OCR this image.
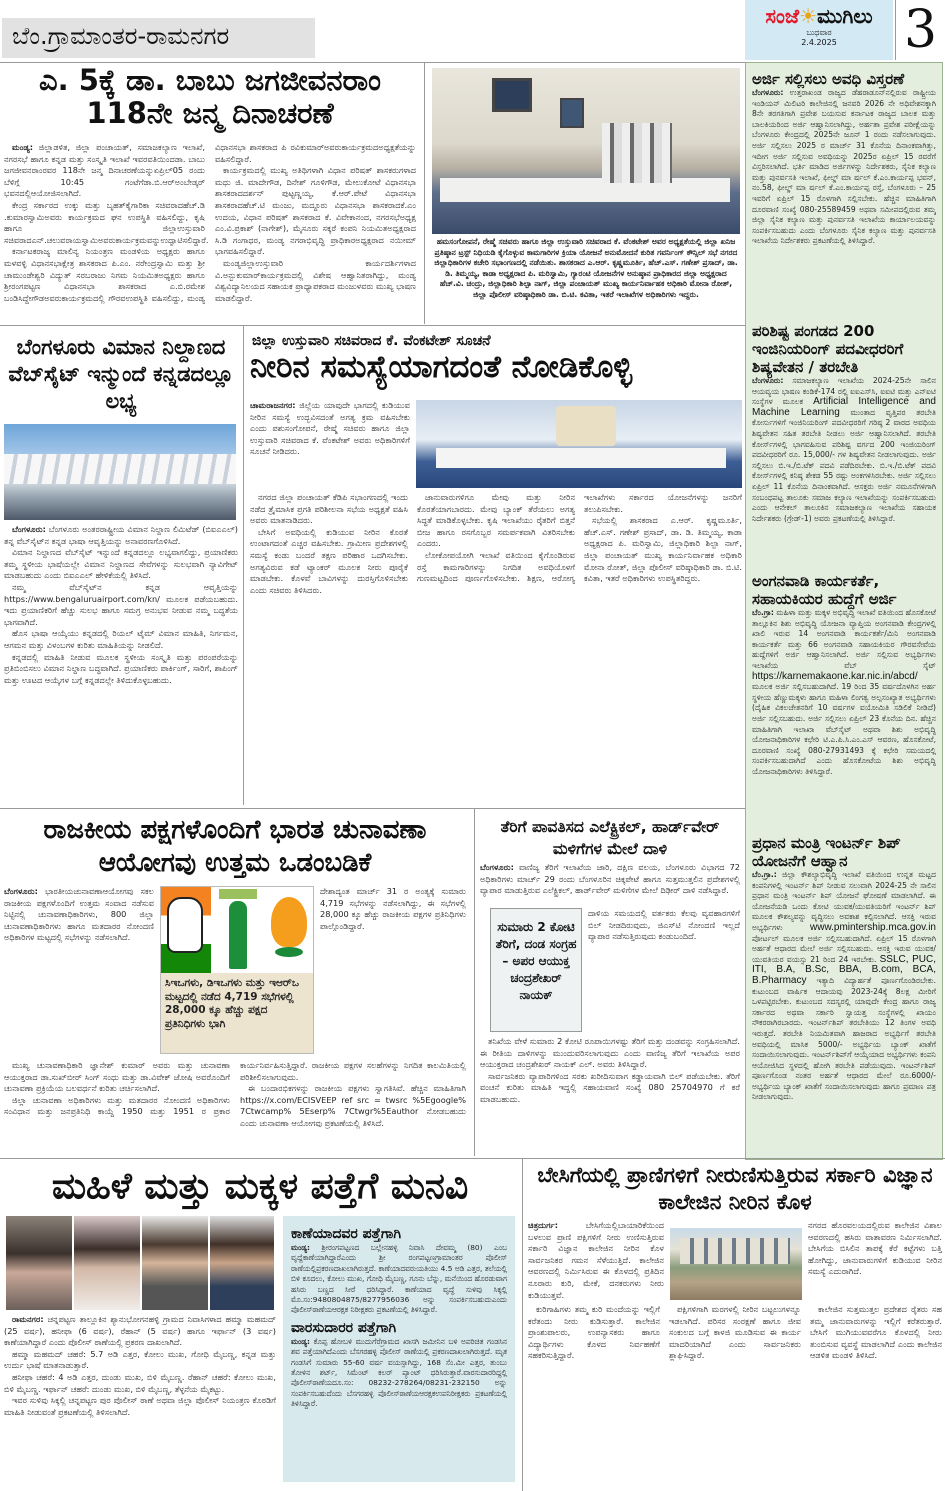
ಬೆಂ.ಗ್ರಾಮಾಂತರ-ರಾಮನಗರ
ಸಂಜೆ☀ಮುಗಿಲು
ಬುಧವಾರ
2.4.2025	3
ಎ. 5ಕ್ಕೆ ಡಾ. ಬಾಬು ಜಗಜೀವನರಾಂ 118ನೇ ಜನ್ಮ ದಿನಾಚರಣೆ

ಮಂಡ್ಯ: ಜಿಲ್ಲಾಡಳಿತ, ಜಿಲ್ಲಾ ಪಂಚಾಯತ್, ಸಮಾಜಕಲ್ಯಾಣ ಇಲಾಖೆ, ನಗರಸಭೆ ಹಾಗೂ ಕನ್ನಡ ಮತ್ತು ಸಂಸ್ಕೃತಿ ಇಲಾಖೆ ಇವರವತಿಯಿಂದಡಾ. ಬಾಬು ಜಗಜೀವನರಾಂರವರ 118ನೇ ಜನ್ಮ ದಿನಾಚರಣೆಯನ್ನುಏಪ್ರಿಲ್05 ರಂದು ಬೆಳಿಗ್ಗೆ 10:45 ಗಂಟೆಗೆಡಾ.ಬಿ.ಆರ್‌ಅಂಬೇಡ್ಕರ್ ಭವನದಲ್ಲಿಆಯೋಜಿಸಲಾಗಿದೆ.

ಕೇಂದ್ರ ಸರ್ಕಾರದ ಉಕ್ಕು ಮತ್ತು ಬೃಹತ್‌ಕೈಗಾರಿಕಾ ಸಚಿವರಾದಹೆಚ್.ಡಿ .ಕುಮಾರಸ್ವಾಮಿಅವರು ಕಾರ್ಯಕ್ರಮದ ಘನ ಉಪಸ್ಥಿತಿ ವಹಿಸಲಿದ್ದು, ಕೃಷಿ ಹಾಗೂ ಜಿಲ್ಲಾಉಸ್ತುವಾರಿ ಸಚಿವರಾದಎನ್.ಚಲುವರಾಯಸ್ವಾಮಿಅವರುಕಾರ್ಯಕ್ರಮವನ್ನುಉದ್ಘಾಟಿಸಲಿದ್ದಾರೆ.

ಕರ್ನಾಟಕರಾಜ್ಯ ಮಾಲಿನ್ಯ ನಿಯಂತ್ರಣ ಮಂಡಳಿಯ ಅಧ್ಯಕ್ಷರು ಹಾಗೂ ಮಳವಳ್ಳಿ ವಿಧಾನಸಭಾಕ್ಷೇತ್ರ ಶಾಸಕರಾದ ಪಿ.ಎಂ. ನರೇಂದ್ರಸ್ವಾಮಿ ಮತ್ತು ಶ್ರೀ ಚಾಮುಂಡೇಶ್ವರಿ ವಿದ್ಯುತ್ ಸರಬರಾಜು ನಿಗಮ ನಿಯಮಿತಅಧ್ಯಕ್ಷರು ಹಾಗೂ ಶ್ರೀರಂಗಪಟ್ಟಣ ವಿಧಾನಸಭಾ ಶಾಸಕರಾದ ಎ.ಬಿ.ರಮೇಶ ಬಂಡಿಸಿದ್ದೇಗೌಡಅವರುಕಾರ್ಯಕ್ರಮದಲ್ಲಿ ಗೌರವಉಪಸ್ಥಿತಿ ವಹಿಸಲಿದ್ದು, ಮಂಡ್ಯ ವಿಧಾನಸಭಾ ಶಾಸಕರಾದ ಪಿ ರವಿಕುಮಾರ್‌ಅವರುಕಾರ್ಯಕ್ರಮದಅಧ್ಯಕ್ಷತೆಯನ್ನು ವಹಿಸಲಿದ್ದಾರೆ.

ಕಾರ್ಯಕ್ರಮದಲ್ಲಿ ಮುಖ್ಯ ಅತಿಥಿಗಳಾಗಿ ವಿಧಾನ ಪರಿಷತ್ ಶಾಸಕರುಗಳಾದ ಮಧು ಜಿ. ಮಾದೇಗೌಡ, ದಿನೇಶ್ ಗೂಳಿಗೌಡ, ಮೇಲುಕೋಟೆ ವಿಧಾನಸಭಾ ಶಾಸಕರಾದದರ್ಶನ್ ಪುಟ್ಟಣ್ಣಯ್ಯ, ಕೆ.ಆರ್.ಪೇಟೆ ವಿಧಾನಸಭಾ ಶಾಸಕರಾದಹೆಚ್.ಟಿ ಮಂಜು, ಮದ್ದೂರು ವಿಧಾನಸಭಾ ಶಾಸಕರಾದಕೆ.ಎಂ ಉದಯ, ವಿಧಾನ ಪರಿಷತ್ ಶಾಸಕರಾದ ಕೆ. ವಿವೇಕಾನಂದ, ನಗರಸಭೆಅಧ್ಯಕ್ಷ ಎಂ.ವಿ.ಪ್ರಕಾಶ್ (ನಾಗೇಶ್), ಮೈಸೂರು ಸಕ್ಕರೆ ಕಂಪನಿ ನಿಯಮಿತಅಧ್ಯಕ್ಷರಾದ ಸಿ.ಡಿ ಗಂಗಾಧರ, ಮಂಡ್ಯ ನಗರಾಭಿವೃದ್ಧಿ ಪ್ರಾಧಿಕಾರಅಧ್ಯಕ್ಷರಾದ ನಯೀಮ್ ಭಾಗವಹಿಸಲಿದ್ದಾರೆ.

ಮಂಡ್ಯಜಿಲ್ಲಾಉಸ್ತುವಾರಿ ಕಾರ್ಯದರ್ಶಿಗಳಾದ ವಿ.ಅನ್ಬುಕುಮಾರ್‌ಕಾರ್ಯಕ್ರಮದಲ್ಲಿ ವಿಶೇಷ ಆಹ್ವಾನಿತರಾಗಿದ್ದು, ಮಂಡ್ಯ ವಿಶ್ವವಿದ್ಯಾನಿಲಯದ ಸಹಾಯಕ ಪ್ರಾಧ್ಯಾಪಕರಾದ ಮಂಜುಳವರು ಮುಖ್ಯ ಭಾಷಣ ಮಾಡಲಿದ್ದಾರೆ.

ಹಮಸಂಗೋಪನೆ, ರೇಷ್ಮೆ ಸಚಿವರು ಹಾಗೂ ಜಿಲ್ಲಾ ಉಸ್ತುವಾರಿ ಸಚಿವರಾದ ಕೆ. ವೆಂಕಟೇಶ್ ಅವರ ಅಧ್ಯಕ್ಷತೆಯಲ್ಲಿ ಜಿಲ್ಲಾ ಖನಿಜ ಪ್ರತಿಷ್ಠಾನ ಟ್ರಸ್ಟ್ ನಿಧಿಯಡಿ ಕೈಗೊಳ್ಳುವ ಕಾಮಗಾರಿಗಳ ಕ್ರಿಯಾ ಯೋಜನೆ ಅನುಮೋದನೆ ಕುರಿತ ಗವರ್ನಿಂಗ್ ಕೌನ್ಸಿಲ್ ಸಭೆ ನಗರದ ಜಿಲ್ಲಾಧಿಕಾರಿಗಳ ಕಚೇರಿ ಸಭಾಂಗಣದಲ್ಲಿ ನಡೆಯಿತು. ಶಾಸಕರಾದ ಎ.ಆರ್. ಕೃಷ್ಣಮೂರ್ತಿ, ಹೆಚ್.ಎಸ್. ಗಣೇಶ್ ಪ್ರಸಾದ್, ಡಾ. ಡಿ. ತಿಮ್ಮಯ್ಯ, ಕಾಡಾ ಅಧ್ಯಕ್ಷರಾದ ಪಿ. ಮರಿಸ್ವಾಮಿ, ಗ್ಯಾರಂಟಿ ಯೋಜನೆಗಳ ಅನುಷ್ಠಾನ ಪ್ರಾಧಿಕಾರದ ಜಿಲ್ಲಾ ಅಧ್ಯಕ್ಷರಾದ ಹೆಚ್.ವಿ. ಚಂದ್ರು, ಜಿಲ್ಲಾಧಿಕಾರಿ ಶಿಲ್ಪಾ ನಾಗ್, ಜಿಲ್ಲಾ ಪಂಚಾಯತ್ ಮುಖ್ಯ ಕಾರ್ಯನಿರ್ವಾಹಕ ಅಧಿಕಾರಿ ಮೋನಾ ರೋತ್, ಜಿಲ್ಲಾ ಪೊಲೀಸ್ ವರಿಷ್ಠಾಧಿಕಾರಿ ಡಾ. ಬಿ.ಟಿ. ಕವಿತಾ, ಇತರೆ ಇಲಾಖೆಗಳ ಅಧಿಕಾರಿಗಳು ಇದ್ದರು.
ಬೆಂಗಳೂರು ವಿಮಾನ ನಿಲ್ದಾಣದ ವೆಬ್‌ಸೈಟ್ ಇನ್ಮುಂದೆ ಕನ್ನಡದಲ್ಲೂ ಲಭ್ಯ

ಬೆಂಗಳೂರು: ಬೆಂಗಳೂರು ಅಂತರರಾಷ್ಟ್ರೀಯ ವಿಮಾನ ನಿಲ್ದಾಣ ಲಿಮಿಟೆಡ್ (ಬಿಐಎಎಲ್) ತನ್ನ ವೆಬ್‌ಸೈಟ್‌ನ ಕನ್ನಡ ಭಾಷಾ ಆವೃತ್ತಿಯನ್ನು ಅನಾವರಣಗೊಳಿಸಿದೆ.

ವಿಮಾನ ನಿಲ್ದಾಣದ ವೆಬ್‌ಸೈಟ್ ಇನ್ನುಂದೆ ಕನ್ನಡದಲ್ಲೂ ಲಭ್ಯವಾಗಲಿದ್ದು, ಪ್ರಯಾಣಿಕರು ತಮ್ಮ ಸ್ಥಳೀಯ ಭಾಷೆಯಲ್ಲೇ ವಿಮಾನ ನಿಲ್ದಾಣದ ಸೇವೆಗಳನ್ನು ಸುಲಭವಾಗಿ ನ್ಯಾವಿಗೇಟ್ ಮಾಡಬಹುದು ಎಂದು ಬಿಐಎಎಲ್ ಹೇಳಿಕೆಯಲ್ಲಿ ತಿಳಿಸಿದೆ.

ನಮ್ಮ ವೆಬ್‌ಸೈಟ್‌ನ ಕನ್ನಡ ಆವೃತ್ತಿಯನ್ನು https://www.bengaluruairport.com/kn/ ಮೂಲಕ ಪಡೆಯಬಹುದು. ಇದು ಪ್ರಯಾಣಿಕರಿಗೆ ಹೆಚ್ಚು ಸುಲಭ ಹಾಗೂ ಸಮಗ್ರ ಅನುಭವ ನೀಡುವ ನಮ್ಮ ಬದ್ಧತೆಯ ಭಾಗವಾಗಿದೆ.

ಹೊಸ ಭಾಷಾ ಆಯ್ಕೆಯು ಕನ್ನಡದಲ್ಲಿ ರಿಯಲ್ ಟೈಮ್ ವಿಮಾನ ಮಾಹಿತಿ, ನಿರ್ಗಮನ, ಆಗಮನ ಮತ್ತು ವಿಳಂಬಗಳ ಕುರಿತು ಮಾಹಿತಿಯನ್ನು ನೀಡಲಿದೆ.

ಕನ್ನಡದಲ್ಲಿ ಮಾಹಿತಿ ನೀಡುವ ಮೂಲಕ ಸ್ಥಳೀಯ ಸಂಸ್ಕೃತಿ ಮತ್ತು ಪರಂಪರೆಯನ್ನು ಪ್ರತಿಬಿಂಬಿಸಲು ವಿಮಾನ ನಿಲ್ದಾಣ ಬದ್ಧವಾಗಿದೆ. ಪ್ರಯಾಣಿಕರು ಪಾರ್ಕಿಂಗ್, ಸಾರಿಗೆ, ಶಾಪಿಂಗ್ ಮತ್ತು ಊಟದ ಆಯ್ಕೆಗಳ ಬಗ್ಗೆ ಕನ್ನಡದಲ್ಲೇ ತಿಳಿದುಕೊಳ್ಳಬಹುದು.

ಜಿಲ್ಲಾ ಉಸ್ತುವಾರಿ ಸಚಿವರಾದ ಕೆ. ವೆಂಕಟೇಶ್ ಸೂಚನೆ
ನೀರಿನ ಸಮಸ್ಯೆಯಾಗದಂತೆ ನೋಡಿಕೊಳ್ಳಿ
ಚಾಮರಾಜನಗರ: ಜಿಲ್ಲೆಯ ಯಾವುದೇ ಭಾಗದಲ್ಲಿ ಕುಡಿಯುವ ನೀರಿನ ಸಮಸ್ಯೆ ಉದ್ಭವಿಸದಂತೆ ಅಗತ್ಯ ಕ್ರಮ ವಹಿಸಬೇಕು ಎಂದು ಪಶುಸಂಗೋಪನೆ, ರೇಷ್ಮೆ ಸಚಿವರು ಹಾಗೂ ಜಿಲ್ಲಾ ಉಸ್ತುವಾರಿ ಸಚಿವರಾದ ಕೆ. ವೆಂಕಟೇಶ್ ಅವರು ಅಧಿಕಾರಿಗಳಿಗೆ ಸೂಚನೆ ನೀಡಿದರು.

ನಗರದ ಜಿಲ್ಲಾ ಪಂಚಾಯತ್ ಕೆಡಿಪಿ ಸಭಾಂಗಣದಲ್ಲಿ ಇಂದು ನಡೆದ ತ್ರೈಮಾಸಿಕ ಪ್ರಗತಿ ಪರಿಶೀಲನಾ ಸಭೆಯ ಅಧ್ಯಕ್ಷತೆ ವಹಿಸಿ ಅವರು ಮಾತನಾಡಿದರು.

ಬೇಸಿಗೆ ಅವಧಿಯಲ್ಲಿ ಕುಡಿಯುವ ನೀರಿನ ಕೊರತೆ ಉಂಟಾಗದಂತೆ ಎಚ್ಚರ ವಹಿಸಬೇಕು. ಗ್ರಾಮೀಣ ಪ್ರದೇಶಗಳಲ್ಲಿ ಸಮಸ್ಯೆ ಕಂಡು ಬಂದರೆ ತಕ್ಷಣ ಪರಿಹಾರ ಒದಗಿಸಬೇಕು. ಅಗತ್ಯವಿರುವ ಕಡೆ ಟ್ಯಾಂಕರ್ ಮೂಲಕ ನೀರು ಪೂರೈಕೆ ಮಾಡಬೇಕು. ಕೊಳವೆ ಬಾವಿಗಳನ್ನು ದುರಸ್ತಿಗೊಳಿಸಬೇಕು ಎಂದು ಸಚಿವರು ತಿಳಿಸಿದರು.

ಜಾನುವಾರುಗಳಿಗೂ ಮೇವು ಮತ್ತು ನೀರಿನ ಕೊರತೆಯಾಗಬಾರದು. ಮೇವು ಬ್ಯಾಂಕ್ ತೆರೆಯಲು ಅಗತ್ಯ ಸಿದ್ಧತೆ ಮಾಡಿಕೊಳ್ಳಬೇಕು. ಕೃಷಿ ಇಲಾಖೆಯು ರೈತರಿಗೆ ಬಿತ್ತನೆ ಬೀಜ ಹಾಗೂ ರಸಗೊಬ್ಬರ ಸಮರ್ಪಕವಾಗಿ ವಿತರಿಸಬೇಕು ಎಂದರು.

ಲೋಕೋಪಯೋಗಿ ಇಲಾಖೆ ವತಿಯಿಂದ ಕೈಗೊಂಡಿರುವ ರಸ್ತೆ ಕಾಮಗಾರಿಗಳನ್ನು ನಿಗದಿತ ಅವಧಿಯೊಳಗೆ ಗುಣಮಟ್ಟದಿಂದ ಪೂರ್ಣಗೊಳಿಸಬೇಕು. ಶಿಕ್ಷಣ, ಆರೋಗ್ಯ ಇಲಾಖೆಗಳು ಸರ್ಕಾರದ ಯೋಜನೆಗಳನ್ನು ಜನರಿಗೆ ತಲುಪಿಸಬೇಕು.

ಸಭೆಯಲ್ಲಿ ಶಾಸಕರಾದ ಎ.ಆರ್. ಕೃಷ್ಣಮೂರ್ತಿ, ಹೆಚ್.ಎಸ್. ಗಣೇಶ್ ಪ್ರಸಾದ್, ಡಾ. ಡಿ. ತಿಮ್ಮಯ್ಯ, ಕಾಡಾ ಅಧ್ಯಕ್ಷರಾದ ಪಿ. ಮರಿಸ್ವಾಮಿ, ಜಿಲ್ಲಾಧಿಕಾರಿ ಶಿಲ್ಪಾ ನಾಗ್, ಜಿಲ್ಲಾ ಪಂಚಾಯತ್ ಮುಖ್ಯ ಕಾರ್ಯನಿರ್ವಾಹಕ ಅಧಿಕಾರಿ ಮೋನಾ ರೋತ್, ಜಿಲ್ಲಾ ಪೊಲೀಸ್ ವರಿಷ್ಠಾಧಿಕಾರಿ ಡಾ. ಬಿ.ಟಿ. ಕವಿತಾ, ಇತರೆ ಅಧಿಕಾರಿಗಳು ಉಪಸ್ಥಿತರಿದ್ದರು.

ರಾಜಕೀಯ ಪಕ್ಷಗಳೊಂದಿಗೆ ಭಾರತ ಚುನಾವಣಾ ಆಯೋಗವು ಉತ್ತಮ ಒಡಂಬಡಿಕೆ
ಸಿಇಒಗಳು, ಡಿಇಒಗಳು ಮತ್ತು ಇಆರ್‌ಒ ಮಟ್ಟದಲ್ಲಿ ನಡೆದ 4,719 ಸಭೆಗಳಲ್ಲಿ 28,000 ಕ್ಕೂ ಹೆಚ್ಚು ಪಕ್ಷದ ಪ್ರತಿನಿಧಿಗಳು ಭಾಗಿ
ಬೆಂಗಳೂರು: ಭಾರತೀಯಚುನಾವಣಾಆಯೋಗವು ಸಕಲ ರಾಜಕೀಯ ಪಕ್ಷಗಳೊಂದಿಗೆ ಉತ್ತಮ ಸಂವಾದ ನಡೆಸುವ ನಿಟ್ಟಿನಲ್ಲಿ ಚುನಾವಣಾಧಿಕಾರಿಗಳು, 800 ಜಿಲ್ಲಾ ಚುನಾವಣಾಧಿಕಾರಿಗಳು ಹಾಗೂ ಮತದಾರರ ನೋಂದಣಿ ಅಧಿಕಾರಿಗಳ ಮಟ್ಟದಲ್ಲಿ ಸಭೆಗಳನ್ನು ನಡೆಸಲಾಗಿದೆ.
ದೇಶಾದ್ಯಂತ ಮಾರ್ಚ್ 31 ರ ಅಂತ್ಯಕ್ಕೆ ಸುಮಾರು 4,719 ಸಭೆಗಳನ್ನು ನಡೆಸಲಾಗಿದ್ದು, ಈ ಸಭೆಗಳಲ್ಲಿ 28,000 ಕ್ಕೂ ಹೆಚ್ಚು ರಾಜಕೀಯ ಪಕ್ಷಗಳ ಪ್ರತಿನಿಧಿಗಳು ಪಾಲ್ಗೊಂಡಿದ್ದಾರೆ.

ಮುಖ್ಯ ಚುನಾವಣಾಧಿಕಾರಿ ಜ್ಞಾನೇಶ್ ಕುಮಾರ್ ಅವರು ಮತ್ತು ಚುನಾವಣಾ ಆಯುಕ್ತರಾದ ಡಾ.ಸುಖ್‌ಬೀರ್ ಸಿಂಗ್ ಸಂಧು ಮತ್ತು ಡಾ.ವಿವೇಕ್ ಜೋಷಿ ಅವರೊಂದಿಗೆ ಚುನಾವಣಾ ಪ್ರಕ್ರಿಯೆಯ ಬಲವರ್ಧನೆ ಕುರಿತು ಚರ್ಚಿಸಲಾಗಿದೆ.

ಜಿಲ್ಲಾ ಚುನಾವಣಾ ಅಧಿಕಾರಿಗಳು ಮತ್ತು ಮತದಾರರ ನೋಂದಣಿ ಅಧಿಕಾರಿಗಳು ಸಂವಿಧಾನ ಮತ್ತು ಜನಪ್ರತಿನಿಧಿ ಕಾಯ್ದೆ 1950 ಮತ್ತು 1951 ರ ಪ್ರಕಾರ ಕಾರ್ಯನಿರ್ವಹಿಸುತ್ತಿದ್ದಾರೆ. ರಾಜಕೀಯ ಪಕ್ಷಗಳ ಸಲಹೆಗಳನ್ನು ನಿಗದಿತ ಕಾಲಮಿತಿಯಲ್ಲಿ ಪರಿಶೀಲಿಸಲಾಗುವುದು.

ಈ ಬಂದಾರಭಿಕಗಳನ್ನು ರಾಜಕೀಯ ಪಕ್ಷಗಳು ಸ್ವಾಗತಿಸಿವೆ. ಹೆಚ್ಚಿನ ಮಾಹಿತಿಗಾಗಿ https://x.com/ECISVEEP ref src = twsrc %5Egoogle% 7Ctwcamp% 5Eserp% 7Ctwgr%5Eauthor ನೋಡಬಹುದು ಎಂದು ಚುನಾವಣಾ ಆಯೋಗವು ಪ್ರಕಟಣೆಯಲ್ಲಿ ತಿಳಿಸಿದೆ.

ತೆರಿಗೆ ಪಾವತಿಸದ ಎಲೆಕ್ಟ್ರಿಕಲ್, ಹಾರ್ಡ್‌ವೇರ್ ಮಳಿಗೆಗಳ ಮೇಲೆ ದಾಳಿ
ಬೆಂಗಳೂರು: ವಾಣಿಜ್ಯ ತೆರಿಗೆ ಇಲಾಖೆಯ ಜಾರಿ, ದಕ್ಷಿಣ ವಲಯ, ಬೆಂಗಳೂರು ವಿಭಾಗದ 72 ಅಧಿಕಾರಿಗಳು ಮಾರ್ಚ್ 29 ರಂದು ಬೆಂಗಳೂರಿನ ಚಿಕ್ಕಪೇಟೆ ಹಾಗೂ ಸುತ್ತಮುತ್ತಲಿನ ಪ್ರದೇಶಗಳಲ್ಲಿ ವ್ಯಾಪಾರ ಮಾಡುತ್ತಿರುವ ಎಲೆಕ್ಟ್ರಿಕಲ್, ಹಾರ್ಡ್‌ವೇರ್ ಮಳಿಗೆಗಳ ಮೇಲೆ ದಿಢೀರ್ ದಾಳಿ ನಡೆಸಿದ್ದಾರೆ.
ಸುಮಾರು 2 ಕೋಟಿ ತೆರಿಗೆ, ದಂಡ ಸಂಗ್ರಹ – ಅಪರ ಆಯುಕ್ತ ಚಂದ್ರಶೇಖರ್ ನಾಯಕ್
ದಾಳಿಯ ಸಮಯದಲ್ಲಿ ವರ್ತಕರು ಕೆಲವು ವ್ಯವಹಾರಗಳಿಗೆ ಬಿಲ್ ನೀಡದಿರುವುದು, ಜಿಎಸ್‌ಟಿ ನೋಂದಣಿ ಇಲ್ಲದೆ ವ್ಯಾಪಾರ ನಡೆಸುತ್ತಿರುವುದು ಕಂಡುಬಂದಿದೆ.

ತನಿಖೆಯ ವೇಳೆ ಸುಮಾರು 2 ಕೋಟಿ ರೂಪಾಯಿಗಳಷ್ಟು ತೆರಿಗೆ ಮತ್ತು ದಂಡವನ್ನು ಸಂಗ್ರಹಿಸಲಾಗಿದೆ. ಈ ರೀತಿಯ ದಾಳಿಗಳನ್ನು ಮುಂದುವರಿಸಲಾಗುವುದು ಎಂದು ವಾಣಿಜ್ಯ ತೆರಿಗೆ ಇಲಾಖೆಯ ಅಪರ ಆಯುಕ್ತರಾದ ಚಂದ್ರಶೇಖರ್ ನಾಯಕ್ ಎಲ್. ಅವರು ತಿಳಿಸಿದ್ದಾರೆ.

ಸಾರ್ವಜನಿಕರು ವ್ಯಾಪಾರಿಗಳಿಂದ ಸರಕು ಖರೀದಿಸುವಾಗ ಕಡ್ಡಾಯವಾಗಿ ಬಿಲ್ ಪಡೆಯಬೇಕು. ತೆರಿಗೆ ವಂಚನೆ ಕುರಿತು ಮಾಹಿತಿ ಇದ್ದಲ್ಲಿ ಸಹಾಯವಾಣಿ ಸಂಖ್ಯೆ 080 25704970 ಗೆ ಕರೆ ಮಾಡಬಹುದು.

ಅರ್ಜಿ ಸಲ್ಲಿಸಲು ಅವಧಿ ವಿಸ್ತರಣೆ
ಬೆಂಗಳೂರು: ಉತ್ತರಾಖಂಡ ರಾಜ್ಯದ ಡೆಹರಾಡೂನ್‌ನಲ್ಲಿರುವ ರಾಷ್ಟ್ರೀಯ ಇಂಡಿಯನ್ ಮಿಲಿಟರಿ ಕಾಲೇಜಿನಲ್ಲಿ ಜನವರಿ 2026 ನೇ ಅಧಿವೇಶನಕ್ಕಾಗಿ 8ನೇ ತರಗತಿಗಾಗಿ ಪ್ರವೇಶ ಬಯಸುವ ಕರ್ನಾಟಕ ರಾಜ್ಯದ ಬಾಲಕ ಮತ್ತು ಬಾಲಕಿಯರಿಂದ ಅರ್ಜಿ ಆಹ್ವಾನಿಸಲಾಗಿದ್ದು, ಅರ್ಹತಾ ಪ್ರವೇಶ ಪರೀಕ್ಷೆಯನ್ನು ಬೆಂಗಳೂರು ಕೇಂದ್ರದಲ್ಲಿ 2025ನೇ ಜೂನ್ 1 ರಂದು ನಡೆಸಲಾಗುವುದು. ಅರ್ಜಿ ಸಲ್ಲಿಸಲು 2025 ರ ಮಾರ್ಚ್ 31 ಕೊನೆಯ ದಿನಾಂಕವಾಗಿತ್ತು, ಇದೀಗ ಅರ್ಜಿ ಸಲ್ಲಿಸುವ ಅವಧಿಯನ್ನು 2025ರ ಏಪ್ರಿಲ್ 15 ರವರೆಗೆ ವಿಸ್ತರಿಸಲಾಗಿದೆ. ಭರ್ತಿ ಮಾಡಿದ ಅರ್ಜಿಗಳನ್ನು ನಿರ್ದೇಶಕರು, ಸೈನಿಕ ಕಲ್ಯಾಣ ಮತ್ತು ಪುನರ್ವಸತಿ ಇಲಾಖೆ, ಫೀಲ್ಡ್ ಮಾ ರ್ಷಲ್ ಕೆ.ಎಂ.ಕಾರ್ಯಪ್ಪ ಭವನ್, ನಂ.58, ಫೀಲ್ಡ್ ಮಾ ರ್ಷಲ್ ಕೆ.ಎಂ.ಕಾರ್ಯಪ್ಪ ರಸ್ತೆ, ಬೆಂಗಳೂರು – 25 ಇವರಿಗೆ ಏಪ್ರಿಲ್ 15 ರೊಳಗಾಗಿ ಸಲ್ಲಿಸಬೇಕು. ಹೆಚ್ಚಿನ ಮಾಹಿತಿಗಾಗಿ ದೂರವಾಣಿ ಸಂಖ್ಯೆ 080-25589459 ಅಥವಾ ಸಮೀಪದಲ್ಲಿರುವ ತಮ್ಮ ಜಿಲ್ಲಾ ಸೈನಿಕ ಕಲ್ಯಾಣ ಮತ್ತು ಪುನರ್ವಸತಿ ಇಲಾಖೆಯ ಕಾರ್ಯಾಲಯವನ್ನು ಸಂಪರ್ಕಿಸಬಹುದು ಎಂದು ಬೆಂಗಳೂರು ಸೈನಿಕ ಕಲ್ಯಾಣ ಮತ್ತು ಪುನರ್ವಸತಿ ಇಲಾಖೆಯ ನಿರ್ದೇಶಕರು ಪ್ರಕಟಣೆಯಲ್ಲಿ ತಿಳಿಸಿದ್ದಾರೆ.
ಪರಿಶಿಷ್ಟ ಪಂಗಡದ 200 ಇಂಜಿನಿಯರಿಂಗ್ ಪದವೀಧರರಿಗೆ ಶಿಷ್ಯವೇತನ / ತರಬೇತಿ
ಬೆಂಗಳೂರು: ಸಮಾಜಕಲ್ಯಾಣ ಇಲಾಖೆಯ 2024-25ನೇ ಸಾಲಿನ ಆಯವ್ಯಯ ಭಾಷಣ ಕಂಡಿಕೆ-174 ರಲ್ಲಿ ಐಐಎಸ್‌ಸಿ, ಐಐಟಿ ಮತ್ತು ಎನ್‌ಐಟಿ ಸಂಸ್ಥೆಗಳ ಮೂಲಕ Artificial Intelligence and Machine Learning ಮುಂತಾದ ವೃತ್ತಿಪರ ತರಬೇತಿ ಕೋರ್ಸುಗಳಿಗೆ ಇಂಜಿನಿಯರಿಂಗ್ ಪದವೀಧರರಿಗೆ ಗರಿಷ್ಠ 2 ವಾರದ ಅವಧಿಯ ಶಿಷ್ಯವೇತನ ಸಹಿತ ತರಬೇತಿ ನೀಡಲು ಅರ್ಜಿ ಆಹ್ವಾನಿಸಲಾಗಿದೆ. ತರಬೇತಿ ಕೋರ್ಸ್‌ಗಳಲ್ಲಿ ಭಾಗವಹಿಸುವ ಪರಿಶಿಷ್ಟ ವರ್ಗದ 200 ಇಂಜಿಯರಿಂಗ್ ಪದವೀಧರರಿಗೆ ರೂ. 15,000/- ಗಳ ಶಿಷ್ಯವೇತನ ನೀಡಲಾಗುವುದು. ಅರ್ಜಿ ಸಲ್ಲಿಸಲು ಬಿ.ಇ./ಬಿ.ಟೆಕ್ ಪದವಿ ಪಡೆದಿರಬೇಕು. ಬಿ.ಇ./ಬಿ.ಟೆಕ್ ಪದವಿ ಕೋರ್ಸ್‌ಗಳಲ್ಲಿ ಕನಿಷ್ಠ ಶೇಕಡ 55 ರಷ್ಟು ಅಂಕಗಳಿಸಿರಬೇಕು. ಅರ್ಜಿ ಸಲ್ಲಿಸಲು ಏಪ್ರಿಲ್ 11 ಕೊನೆಯ ದಿನಾಂಕವಾಗಿದೆ. ಆಸಕ್ತರು ಅರ್ಜಿ ನಮೂನೆಗಳಿಗಾಗಿ ಸಂಬಂಧಪಟ್ಟ ತಾಲೂಕು ಸಮಾಜ ಕಲ್ಯಾಣ ಇಲಾಖೆಯನ್ನು ಸಂಪರ್ಕಿಸಬಹುದು ಎಂದು ಆನೇಕಲ್ ತಾಲೂಕಿನ ಸಮಾಜಕಲ್ಯಾಣ ಇಲಾಖೆಯ ಸಹಾಯಕ ನಿರ್ದೇಶಕರು (ಗ್ರೇಡ್-1) ಅವರು ಪ್ರಕಟಣೆಯಲ್ಲಿ ತಿಳಿಸಿದ್ದಾರೆ.
ಅಂಗನವಾಡಿ ಕಾರ್ಯಕರ್ತೆ, ಸಹಾಯಕಿಯರ ಹುದ್ದೆಗೆ ಅರ್ಜಿ
ಬೆಂ.ಗ್ರಾ: ಮಹಿಳಾ ಮತ್ತು ಮಕ್ಕಳ ಅಭಿವೃದ್ಧಿ ಇಲಾಖೆ ವತಿಯಿಂದ ಹೊಸಕೋಟೆ ತಾಲ್ಲೂಕಿನ ಶಿಶು ಅಭಿವೃದ್ಧಿ ಯೋಜನಾ ವ್ಯಾಪ್ತಿಯ ಅಂಗನವಾಡಿ ಕೇಂದ್ರಗಳಲ್ಲಿ ಖಾಲಿ ಇರುವ 14 ಅಂಗನವಾಡಿ ಕಾರ್ಯಕರ್ತೆ/ಮಿನಿ ಅಂಗನವಾಡಿ ಕಾರ್ಯಕರ್ತೆ ಮತ್ತು 66 ಅಂಗನವಾಡಿ ಸಹಾಯಕಿಯರ ಗೌರವಸೇವೆಯ ಹುದ್ದೆಗಳಿಗೆ ಅರ್ಜಿ ಆಹ್ವಾನಿಸಲಾಗಿದೆ. ಅರ್ಜಿ ಸಲ್ಲಿಸುವ ಅಭ್ಯರ್ಥಿಗಳು ಇಲಾಖೆಯ ವೆಬ್ ಸೈಟ್ https://karnemakaone.kar.nic.in/abcd/ ಮೂಲಕ ಅರ್ಜಿ ಸಲ್ಲಿಸಬಹುದಾಗಿದೆ. 19 ರಿಂದ 35 ವರ್ಷದೊಳಗಿನ ಅರ್ಹ ಸ್ಥಳೀಯ ಹೆಣ್ಣುಮಕ್ಕಳು ಹಾಗೂ ಮಹಿಳಾ ಲಿಂಗತ್ವ ಅಲ್ಪಸಂಖ್ಯಾತ ಅಭ್ಯರ್ಥಿಗಳು (ದೈಹಿಕ ವಿಕಲಚೇತನರಿಗೆ 10 ವರ್ಷಗಳ ವಯೋಮಿತಿ ಸಡಿಲಿಕೆ ನೀಡಿದೆ) ಅರ್ಜಿ ಸಲ್ಲಿಸಬಹುದು. ಅರ್ಜಿ ಸಲ್ಲಿಸಲು ಏಪ್ರಿಲ್ 23 ಕೊನೆಯ ದಿನ. ಹೆಚ್ಚಿನ ಮಾಹಿತಿಗಾಗಿ ಇಲಾಖಾ ವೆಬ್‌ಸೈಟ್ ಅಥವಾ ಶಿಶು ಅಭಿವೃದ್ಧಿ ಯೋಜನಾಧಿಕಾರಿಗಳ ಕಛೇರಿ ಟಿ.ಎ.ಪಿ.ಸಿ.ಎಂ.ಎಸ್ ಆವರಣ, ಹೊಸಕೋಟೆ, ದೂರವಾಣಿ ಸಂಖ್ಯೆ 080-27931493 ಕ್ಕೆ ಕಛೇರಿ ಸಮಯದಲ್ಲಿ ಸಂಪರ್ಕಿಸಬಹುದಾಗಿದೆ ಎಂದು ಹೊಸಕೋಟೆಯ ಶಿಶು ಅಭಿವೃದ್ಧಿ ಯೋಜನಾಧಿಕಾರಿಗಳು ತಿಳಿಸಿದ್ದಾರೆ.
ಪ್ರಧಾನ ಮಂತ್ರಿ ಇಂಟರ್ನ್ ಶಿಪ್ ಯೋಜನೆಗೆ ಆಹ್ವಾನ
ಬೆಂ.ಗ್ರಾ.: ಜಿಲ್ಲಾ ಕೌಶಲ್ಯಾಭಿವೃದ್ಧಿ ಇಲಾಖೆ ವತಿಯಿಂದ ಉನ್ನತ ಮಟ್ಟದ ಕಂಪನಿಗಳಲ್ಲಿ ಇಂಟರ್ನ್ ಶಿಪ್ ನೀಡುವ ಸಲುವಾಗಿ 2024-25 ನೇ ಸಾಲಿನ ಪ್ರಧಾನ ಮಂತ್ರಿ ಇಂಟರ್ನ್ ಶಿಪ್ ಯೋಜನೆ ಘೋಷಣೆ ಮಾಡಲಾಗಿದೆ. ಈ ಯೋಜನೆಯಡಿ ಒಂದು ಕೋಟಿ ಯುವಕ/ಯುವತಿಯರಿಗೆ ಇಂಟರ್ನ್ ಶಿಪ್ ಮೂಲಕ ಕೌಶಲ್ಯವನ್ನು ವೃದ್ಧಿಸಲು ಅವಕಾಶ ಕಲ್ಪಿಸಲಾಗಿದೆ. ಆಸಕ್ತಿ ಇರುವ ಅಭ್ಯರ್ಥಿಗಳು	www.pmintership.mca.gov.in ಪೋರ್ಟಲ್ ಮೂಲಕ ಅರ್ಜಿ ಸಲ್ಲಿಸಬಹುದಾಗಿದೆ. ಏಪ್ರಿಲ್ 15 ರೊಳಗಾಗಿ ಅರ್ಹತೆ ಆಧಾರದ ಮೇಲೆ ಅರ್ಜಿ ಸಲ್ಲಿಸಬಹುದು. ಆಸಕ್ತಿ ಇರುವ ಯುವಕ/ಯುವತಿಯರ ವಯಸ್ಸು 21 ರಿಂದ 24 ಇರಬೇಕು. SSLC, PUC, ITI, B.A, B.Sc, BBA, B.com, BCA, B.Pharmacy ಇತ್ಯಾದಿ ವಿದ್ಯಾರ್ಹತೆ ಪೂರ್ಣಗೊಂಡಿರಬೇಕು. ಕುಟುಂಬದ ವಾರ್ಷಿಕ ಆದಾಯವು 2023-24ಕ್ಕೆ 8ಲಕ್ಷ ಮೀರಿಗೆ ಒಳಪಟ್ಟಿರಬೇಕು. ಕುಟುಂಬದ ಸದಸ್ಯರಲ್ಲಿ ಯಾವುದೇ ಕೇಂದ್ರ ಹಾಗೂ ರಾಜ್ಯ ಸರ್ಕಾರದ ಅಥವಾ ಸರ್ಕಾರಿ ಸ್ವಾಯತ್ತ ಸಂಸ್ಥೆಗಳಲ್ಲಿ ಖಾಯಂ ನೌಕರರಾಗಿರಬಾರದು. ಇಂಟರ್ನ್‌ಶಿಪ್ ತರಬೇತಿಯು 12 ತಿಂಗಳ ಅವಧಿ ಇರುತ್ತದೆ. ತರಬೇತಿ ನಿಯಮಿತವಾಗಿ ಹಾಜರಾದ ಅಭ್ಯರ್ಥಿಗೆ ತರಬೇತಿ ಅವಧಿಯಲ್ಲಿ ಮಾಸಿಕ 5000/- ಅಭ್ಯರ್ಥಿಯ ಬ್ಯಾಂಕ್ ಖಾತೆಗೆ ಸಂದಾಯಿಸಲಾಗುವುದು. ಇಂಟರ್ನ್‌ಶಿಪ್‌ಗೆ ಆಯ್ಕೆಯಾದ ಅಭ್ಯರ್ಥಿಗಳು ಕಂಪನಿ ಆಯೋಜಿಸಿದ ಸ್ಥಳದಲ್ಲಿ ಹೋಗಿ ತರಬೇತಿ ಪಡೆಯುವುದು. ಇಂಟರ್ನ್‌ಶಿಪ್ ಪೂರ್ಣಗೊಂಡ ನಂತರ ಅರ್ಹತೆ ಆಧಾರದ ಮೇಲೆ ರೂ.6000/- ಅಭ್ಯರ್ಥಿಯ ಬ್ಯಾಂಕ್ ಖಾತೆಗೆ ಸಂದಾಯಿಸಲಾಗುವುದು ಹಾಗೂ ಪ್ರಮಾಣ ಪತ್ರ ನೀಡಲಾಗುವುದು.
ಮಹಿಳೆ ಮತ್ತು ಮಕ್ಕಳ ಪತ್ತೆಗೆ ಮನವಿ

ರಾಮನಗರ: ಚನ್ನಪಟ್ಟಣ ತಾಲ್ಲೂಕಿನ ಶ್ಯಾನುಭೋಗನಹಳ್ಳಿ ಗ್ರಾಮದ ನಿವಾಸಿಗಳಾದ ಹಮ್ಮಾ ಮಹಮದ್ (25 ವರ್ಷ), ಹನೀಫಾ (6 ವರ್ಷ), ರೆಹಾನ್ (5 ವರ್ಷ) ಹಾಗೂ ಇರ್ಫಾನ್ (3 ವರ್ಷ) ಕಾಣೆಯಾಗಿದ್ದಾರೆ ಎಂದು ಪೊಲೀಸ್ ಠಾಣೆಯಲ್ಲಿ ಪ್ರಕರಣ ದಾಖಲಾಗಿದೆ.

ಹಮ್ಮಾ ಮಹಮದ್ ಚಹರೆ: 5.7 ಅಡಿ ಎತ್ತರ, ಕೋಲು ಮುಖ, ಗೋಧಿ ಮೈಬಣ್ಣ, ಕನ್ನಡ ಮತ್ತು ಉರ್ದು ಭಾಷೆ ಮಾತನಾಡುತ್ತಾರೆ.

ಹನೀಫಾ ಚಹರೆ: 4 ಅಡಿ ಎತ್ತರ, ದುಂಡು ಮುಖ, ಬಿಳಿ ಮೈಬಣ್ಣ. ರೆಹಾನ್ ಚಹರೆ: ಕೋಲು ಮುಖ, ಬಿಳಿ ಮೈಬಣ್ಣ. ಇರ್ಫಾನ್ ಚಹರೆ: ದುಂಡು ಮುಖ, ಬಿಳಿ ಮೈಬಣ್ಣ, ತೆಳ್ಳನೆಯ ಮೈಕಟ್ಟು.

ಇವರ ಸುಳಿವು ಸಿಕ್ಕಲ್ಲಿ ಚನ್ನಪಟ್ಟಣ ಪುರ ಪೊಲೀಸ್ ಠಾಣೆ ಅಥವಾ ಜಿಲ್ಲಾ ಪೊಲೀಸ್ ನಿಯಂತ್ರಣ ಕೊಠಡಿಗೆ ಮಾಹಿತಿ ನೀಡುವಂತೆ ಪ್ರಕಟಣೆಯಲ್ಲಿ ತಿಳಿಸಲಾಗಿದೆ.

ಕಾಣೆಯಾದವರ ಪತ್ತೆಗಾಗಿ
ಮಂಡ್ಯ: ಶ್ರೀರಂಗಪಟ್ಟಣದ ಬಲ್ಲೇನಹಳ್ಳಿ ನಿವಾಸಿ ದೇವಮ್ಮ (80) ಎಂಬ ವೃದ್ದೆಕಾಣೆಯಾಗಿದ್ದಾರೆಎಂದು ಶ್ರೀ ರಂಗಪಟ್ಟಣಗ್ರಾಮಾಂತರ ಪೊಲೀಸ್ ಠಾಣೆಯಲ್ಲಿಪ್ರಕರಣದಾಖಲಾಗಿರುತ್ತದೆ. ಕಾಣೆಯಾದವರುಯತಿಯು 4.5 ಅಡಿ ಎತ್ತರ, ತಲೆಯಲ್ಲಿ ಬಿಳಿ ಕೂದಲು, ಕೋಲು ಮುಖ, ಗೋಧಿ ಮೈಬಣ್ಣ, ಗೂನು ಬೆನ್ನು, ಮನೆಯಿಂದ ಹೊರಡುವಾಗ ಹಸಿರು ಬಣ್ಣದ ಸೀರೆ ಧರಿಸಿದ್ದಾರೆ. ಕಾಣೆಯಾದ ವೃದ್ಧೆ ಸುಳಿವು ಸಿಕ್ಕಲ್ಲಿ ಮೊ.ಸಂ:9480804875/8277956036 ಅನ್ನು ಸಂಪರ್ಕಿಸಬಹುದುಎಂದು ಪೊಲೀಸ್‌ಠಾಣೆಯಆರಕ್ಷಕ ನಿರೀಕ್ಷಕರು ಪ್ರಕಟಣೆಯಲ್ಲಿ ತಿಳಿಸಿದ್ದಾರೆ.
ವಾರಸುದಾರರ ಪತ್ತೆಗಾಗಿ
ಮಂಡ್ಯ: ಕೊಪ್ಪ ಹೋಬಳಿ ಮುದುಗೆರೆಗ್ರಾಮದ ಖಾಸಗಿ ಜಮೀನಿನ ಬಳಿ ಅಪರಿಚಿತ ಗಂಡಸಿನ ಶವ ಪತ್ತೆಯಾಗಿದೆಎಂದು ಬೆಸಗರಹಳ್ಳಿ ಪೊಲೀಸ್ ಠಾಣೆಯಲ್ಲಿ ಪ್ರಕರಣದಾಖಲಾಗಿರುತ್ತದೆ. ಮೃತ ಗಂಡಸಿಗೆ ಸುಮಾರು 55-60 ವರ್ಷ ವಯಸ್ಸಾಗಿದ್ದು, 168 ಸೆಂ.ಮೀ ಎತ್ತರ, ತುಂಬು ತೋಳಿನ ಶರ್ಟ್, ಸಿಮೆಂಟ್ ಕಲರ್ ಪ್ಯಾಂಟ್ ಧರಿಸಿರುತ್ತಾರೆ.ವಾರಸುದಾರರಿದ್ದಲ್ಲಿ ಪೊಲೀಸ್‌ಠಾಣೆಯದೂ.ಸಂ: 08232-278264/08231-232150 ಅನ್ನು ಸಂಪರ್ಕಿಸಬಹುದೆಂದು ಬೆಸಗರಹಳ್ಳಿ ಪೊಲೀಸ್‌ಠಾಣೆಯಆರಕ್ಷಕಉಪನಿರೀಕ್ಷಕರು ಪ್ರಕಟಣೆಯಲ್ಲಿ ತಿಳಿಸಿದ್ದಾರೆ.
ಬೇಸಿಗೆಯಲ್ಲಿ ಪ್ರಾಣಿಗಳಿಗೆ ನೀರುಣಿಸುತ್ತಿರುವ ಸರ್ಕಾರಿ ವಿಜ್ಞಾನ ಕಾಲೇಜಿನ ನೀರಿನ ಕೊಳ
ಚಿತ್ರದುರ್ಗ:	ಬೇಸಿಗೆಯಲ್ಲಿಬಾಯಾರಿಕೆಯಿಂದ ಬಳಲುವ ಪ್ರಾಣಿ ಪಕ್ಷಿಗಳಿಗೆ ನೀರು ಉಣಿಸುತ್ತಿರುವ ಸರ್ಕಾರಿ ವಿಜ್ಞಾನ ಕಾಲೇಜಿನ ನೀರಿನ ಕೊಳ ಸಾರ್ವಜನಿಕರ ಗಮನ ಸೆಳೆಯುತ್ತಿದೆ. ಕಾಲೇಜಿನ ಆವರಣದಲ್ಲಿ ನಿರ್ಮಿಸಿರುವ ಈ ಕೊಳದಲ್ಲಿ ಪ್ರತಿದಿನ ನೂರಾರು ಕುರಿ, ಮೇಕೆ, ದನಕರುಗಳು ನೀರು ಕುಡಿಯುತ್ತವೆ.
ನಗರದ ಹೊರವಲಯದಲ್ಲಿರುವ ಕಾಲೇಜಿನ ವಿಶಾಲ ಆವರಣದಲ್ಲಿ ಹಸಿರು ವಾತಾವರಣ ನಿರ್ಮಿಸಲಾಗಿದೆ. ಬೇಸಿಗೆಯ ಬಿಸಿಲಿನ ತಾಪಕ್ಕೆ ಕೆರೆ ಕಟ್ಟೆಗಳು ಬತ್ತಿ ಹೋಗಿದ್ದು, ಜಾನುವಾರುಗಳಿಗೆ ಕುಡಿಯುವ ನೀರಿನ ಸಮಸ್ಯೆ ಎದುರಾಗಿದೆ.

ಕುರಿಗಾಹಿಗಳು ತಮ್ಮ ಕುರಿ ಮಂದೆಯನ್ನು ಇಲ್ಲಿಗೆ ಕರೆತಂದು ನೀರು ಕುಡಿಸುತ್ತಾರೆ. ಕಾಲೇಜಿನ ಪ್ರಾಂಶುಪಾಲರು, ಉಪನ್ಯಾಸಕರು ಹಾಗೂ ವಿದ್ಯಾರ್ಥಿಗಳು ಕೊಳದ ನಿರ್ವಹಣೆಗೆ ಸಹಕರಿಸುತ್ತಿದ್ದಾರೆ.

ಪಕ್ಷಿಗಳಿಗಾಗಿ ಮರಗಳಲ್ಲಿ ನೀರಿನ ಬಟ್ಟಲುಗಳನ್ನೂ ಇಡಲಾಗಿದೆ. ಪರಿಸರ ಸಂರಕ್ಷಣೆ ಹಾಗೂ ಜೀವ ಸಂಕುಲದ ಬಗ್ಗೆ ಕಾಳಜಿ ಮೂಡಿಸುವ ಈ ಕಾರ್ಯ ಮಾದರಿಯಾಗಿದೆ ಎಂದು ಸಾರ್ವಜನಿಕರು ಶ್ಲಾಘಿಸಿದ್ದಾರೆ.

ಕಾಲೇಜಿನ ಸುತ್ತಮುತ್ತಲ ಪ್ರದೇಶದ ರೈತರು ಸಹ ತಮ್ಮ ಜಾನುವಾರುಗಳನ್ನು ಇಲ್ಲಿಗೆ ಕರೆತರುತ್ತಾರೆ. ಬೇಸಿಗೆ ಮುಗಿಯುವವರೆಗೂ ಕೊಳದಲ್ಲಿ ನೀರು ತುಂಬಿಸುವ ವ್ಯವಸ್ಥೆ ಮಾಡಲಾಗಿದೆ ಎಂದು ಕಾಲೇಜಿನ ಆಡಳಿತ ಮಂಡಳಿ ತಿಳಿಸಿದೆ.
